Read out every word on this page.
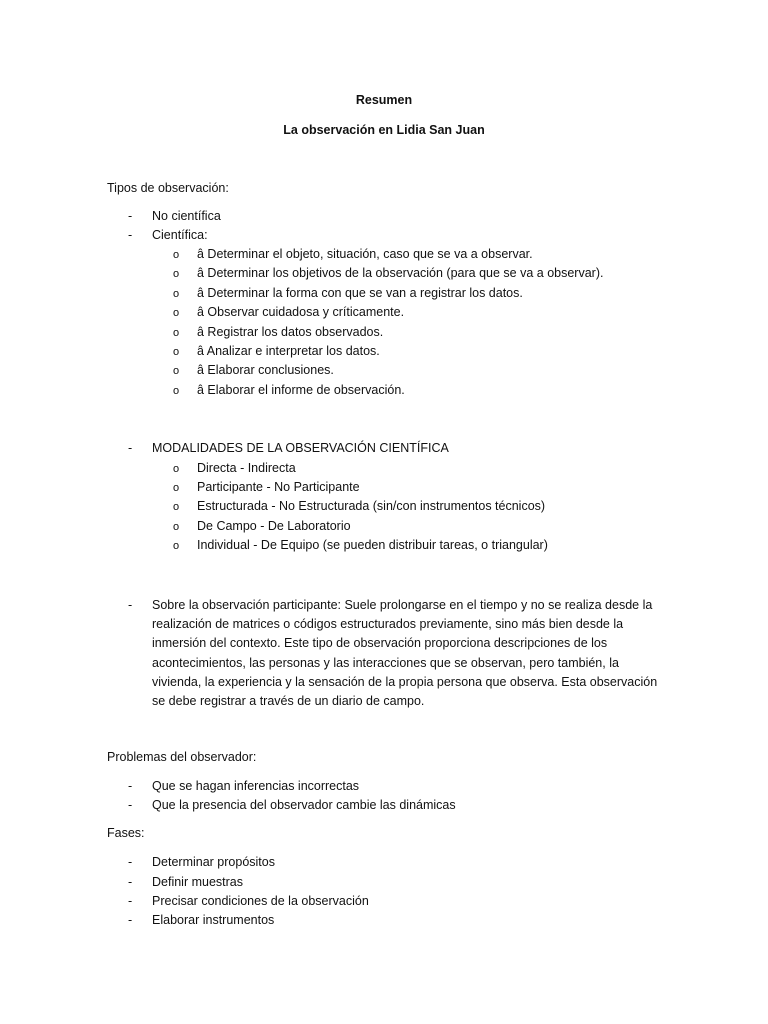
Resumen
La observación en Lidia San Juan
Tipos de observación:
- No científica
- Científica:
o â Determinar el objeto, situación, caso que se va a observar.
o â Determinar los objetivos de la observación (para que se va a observar).
o â Determinar la forma con que se van a registrar los datos.
o â Observar cuidadosa y críticamente.
o â Registrar los datos observados.
o â Analizar e interpretar los datos.
o â Elaborar conclusiones.
o â Elaborar el informe de observación.
- MODALIDADES DE LA OBSERVACIÓN CIENTÍFICA
o Directa - Indirecta
o Participante - No Participante
o Estructurada - No Estructurada (sin/con instrumentos técnicos)
o De Campo - De Laboratorio
o Individual - De Equipo (se pueden distribuir tareas, o triangular)
- Sobre la observación participante: Suele prolongarse en el tiempo y no se realiza desde la realización de matrices o códigos estructurados previamente, sino más bien desde la inmersión del contexto. Este tipo de observación proporciona descripciones de los acontecimientos, las personas y las interacciones que se observan, pero también, la vivienda, la experiencia y la sensación de la propia persona que observa. Esta observación se debe registrar a través de un diario de campo.
Problemas del observador:
- Que se hagan inferencias incorrectas
- Que la presencia del observador cambie las dinámicas
Fases:
- Determinar propósitos
- Definir muestras
- Precisar condiciones de la observación
- Elaborar instrumentos
